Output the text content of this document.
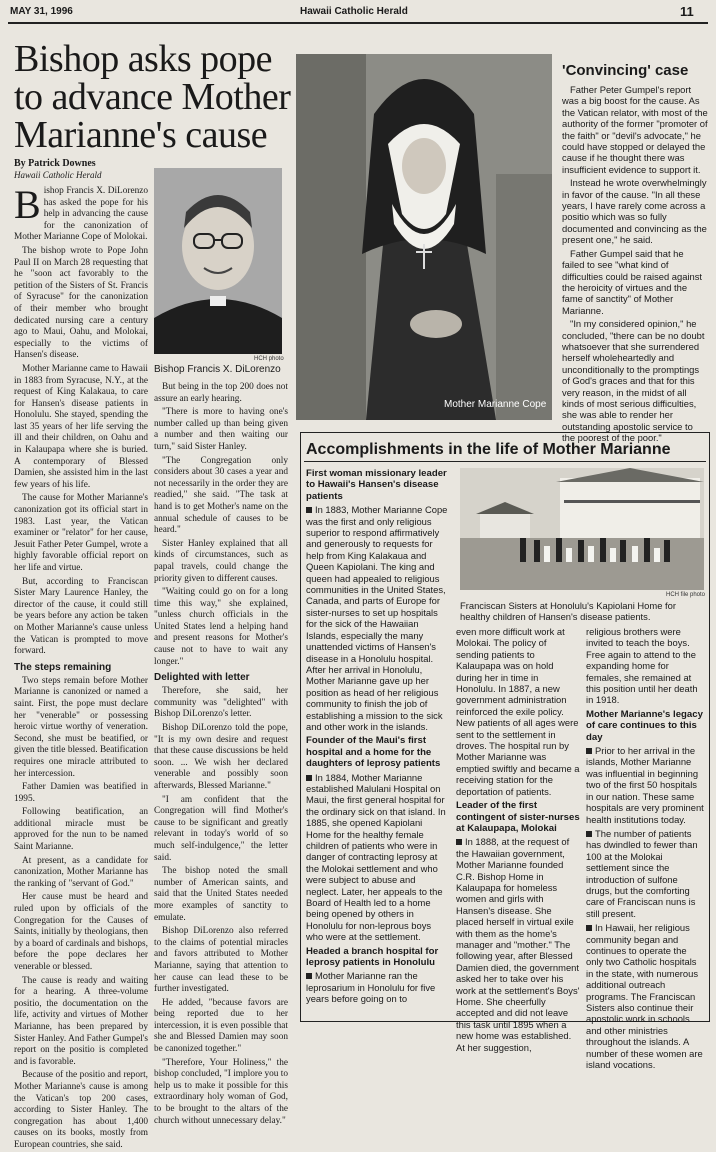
MAY 31, 1996	Hawaii Catholic Herald	11
Bishop asks pope to advance Mother Marianne's cause
By Patrick Downes
Hawaii Catholic Herald
B ishop Francis X. DiLorenzo has asked the pope for his help in advancing the cause for the canonization of Mother Marianne Cope of Molokai.

The bishop wrote to Pope John Paul II on March 28 requesting that he "soon act favorably to the petition of the Sisters of St. Francis of Syracuse" for the canonization of their member who brought dedicated nursing care a century ago to Maui, Oahu, and Molokai, especially to the victims of Hansen's disease.

Mother Marianne came to Hawaii in 1883 from Syracuse, N.Y., at the request of King Kalakaua, to care for Hansen's disease patients in Honolulu. She stayed, spending the last 35 years of her life serving the ill and their children, on Oahu and in Kalaupapa where she is buried. A contemporary of Blessed Damien, she assisted him in the last few years of his life.

The cause for Mother Marianne's canonization got its official start in 1983. Last year, the Vatican examiner or "relator" for her cause, Jesuit Father Peter Gumpel, wrote a highly favorable official report on her life and virtue.

But, according to Franciscan Sister Mary Laurence Hanley, the director of the cause, it could still be years before any action be taken on Mother Marianne's cause unless the Vatican is prompted to move forward.

The steps remaining

Two steps remain before Mother Marianne is canonized or named a saint. First, the pope must declare her "venerable" or possessing heroic virtue worthy of veneration. Second, she must be beatified, or given the title blessed. Beatification requires one miracle attributed to her intercession.

Father Damien was beatified in 1995.

Following beatification, an additional miracle must be approved for the nun to be named Saint Marianne.

At present, as a candidate for canonization, Mother Marianne has the ranking of "servant of God."

Her cause must be heard and ruled upon by officials of the Congregation for the Causes of Saints, initially by theologians, then by a board of cardinals and bishops, before the pope declares her venerable or blessed.

The cause is ready and waiting for a hearing. A three-volume positio, the documentation on the life, activity and virtues of Mother Marianne, has been prepared by Sister Hanley. And Father Gumpel's report on the positio is completed and is favorable.

Because of the positio and report, Mother Marianne's cause is among the Vatican's top 200 cases, according to Sister Hanley. The congregation has about 1,400 causes on its books, mostly from European countries, she said.

HCH photo
Bishop Francis X. DiLorenzo

But being in the top 200 does not assure an early hearing.

"There is more to having one's number called up than being given a number and then waiting our turn," said Sister Hanley.

"The Congregation only considers about 30 cases a year and not necessarily in the order they are readied," she said. "The task at hand is to get Mother's name on the annual schedule of causes to be heard."

Sister Hanley explained that all kinds of circumstances, such as papal travels, could change the priority given to different causes.

"Waiting could go on for a long time this way," she explained, "unless church officials in the United States lend a helping hand and present reasons for Mother's cause not to have to wait any longer."

Delighted with letter

Therefore, she said, her community was "delighted" with Bishop DiLorenzo's letter.

Bishop DiLorenzo told the pope, "It is my own desire and request that these cause discussions be held soon. ... We wish her declared venerable and possibly soon afterwards, Blessed Marianne."

"I am confident that the Congregation will find Mother's cause to be significant and greatly relevant in today's world of so much self-indulgence," the letter said.

The bishop noted the small number of American saints, and said that the United States needed more examples of sanctity to emulate.

Bishop DiLorenzo also referred to the claims of potential miracles and favors attributed to Mother Marianne, saying that attention to her cause can lead these to be further investigated.

He added, "because favors are being reported due to her intercession, it is even possible that she and Blessed Damien may soon be canonized together."

"Therefore, Your Holiness," the bishop concluded, "I implore you to help us to make it possible for this extraordinary holy woman of God, to be brought to the altars of the church without unnecessary delay."

Mother Marianne Cope
'Convincing' case

Father Peter Gumpel's report was a big boost for the cause. As the Vatican relator, with most of the authority of the former "promoter of the faith" or "devil's advocate," he could have stopped or delayed the cause if he thought there was insufficient evidence to support it.

Instead he wrote overwhelmingly in favor of the cause. "In all these years, I have rarely come across a positio which was so fully documented and convincing as the present one," he said.

Father Gumpel said that he failed to see "what kind of difficulties could be raised against the heroicity of virtues and the fame of sanctity" of Mother Marianne.

"In my considered opinion," he concluded, "there can be no doubt whatsoever that she surrendered herself wholeheartedly and unconditionally to the promptings of God's graces and that for this very reason, in the midst of all kinds of most serious difficulties, she was able to render her outstanding apostolic service to the poorest of the poor."

Accomplishments in the life of Mother Marianne
First woman missionary leader to Hawaii's Hansen's disease patients

In 1883, Mother Marianne Cope was the first and only religious superior to respond affirmatively and generously to requests for help from King Kalakaua and Queen Kapiolani. The king and queen had appealed to religious communities in the United States, Canada, and parts of Europe for sister-nurses to set up hospitals for the sick of the Hawaiian Islands, especially the many unattended victims of Hansen's disease in a Honolulu hospital. After her arrival in Honolulu, Mother Marianne gave up her position as head of her religious community to finish the job of establishing a mission to the sick and other work in the islands.

Founder of the Maui's first hospital and a home for the daughters of leprosy patients

In 1884, Mother Marianne established Malulani Hospital on Maui, the first general hospital for the ordinary sick on that island. In 1885, she opened Kapiolani Home for the healthy female children of patients who were in danger of contracting leprosy at the Molokai settlement and who were subject to abuse and neglect. Later, her appeals to the Board of Health led to a home being opened by others in Honolulu for non-leprous boys who were at the settlement.

Headed a branch hospital for leprosy patients in Honolulu

Mother Marianne ran the leprosarium in Honolulu for five years before going on to

HCH file photo
Franciscan Sisters at Honolulu's Kapiolani Home for healthy children of Hansen's disease patients.

even more difficult work at Molokai. The policy of sending patients to Kalaupapa was on hold during her in time in Honolulu. In 1887, a new government administration reinforced the exile policy. New patients of all ages were sent to the settlement in droves. The hospital run by Mother Marianne was emptied swiftly and became a receiving station for the deportation of patients.

Leader of the first contingent of sister-nurses at Kalaupapa, Molokai

In 1888, at the request of the Hawaiian government, Mother Marianne founded C.R. Bishop Home in Kalaupapa for homeless women and girls with Hansen's disease. She placed herself in virtual exile with them as the home's manager and "mother." The following year, after Blessed Damien died, the government asked her to take over his work at the settlement's Boys' Home. She cheerfully accepted and did not leave this task until 1895 when a new home was established. At her suggestion,

religious brothers were invited to teach the boys. Free again to attend to the expanding home for females, she remained at this position until her death in 1918.

Mother Marianne's legacy of care continues to this day

Prior to her arrival in the islands, Mother Marianne was influential in beginning two of the first 50 hospitals in our nation. These same hospitals are very prominent health institutions today.

The number of patients has dwindled to fewer than 100 at the Molokai settlement since the introduction of sulfone drugs, but the comforting care of Franciscan nuns is still present.

In Hawaii, her religious community began and continues to operate the only two Catholic hospitals in the state, with numerous additional outreach programs. The Franciscan Sisters also continue their apostolic work in schools and other ministries throughout the islands. A number of these women are island vocations.
